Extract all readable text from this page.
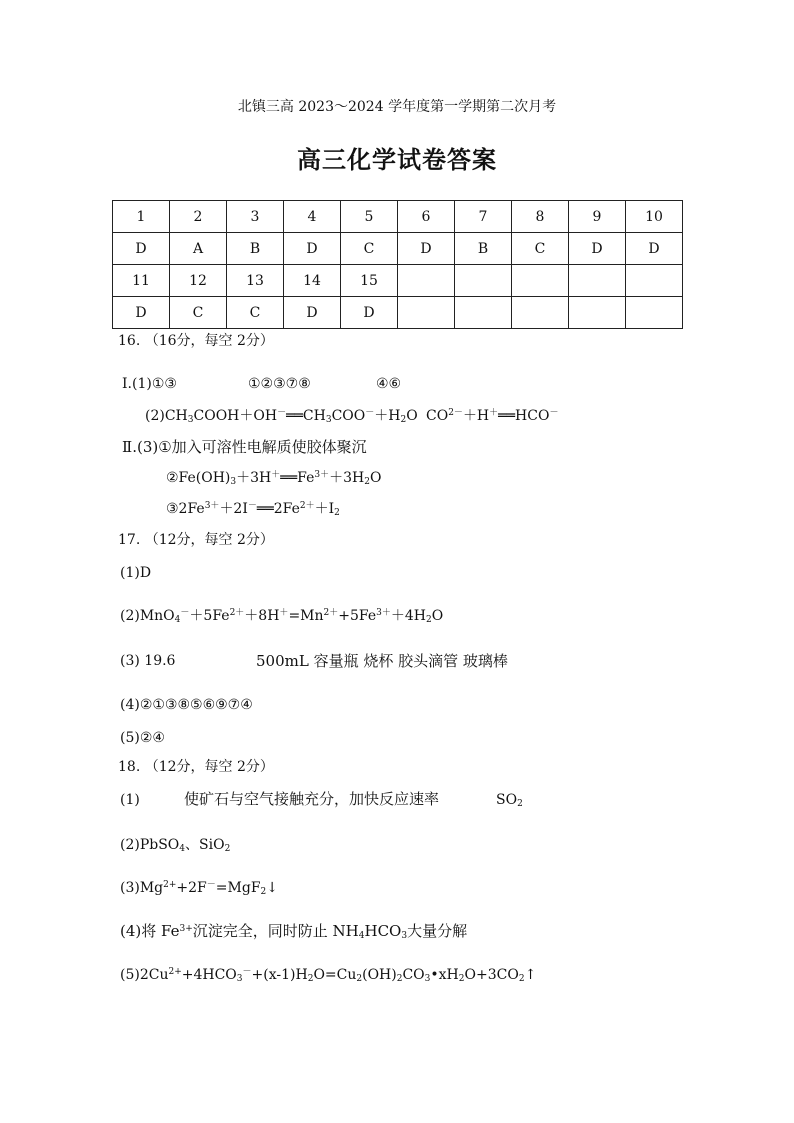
北镇三高 2023～2024 学年度第一学期第二次月考
高三化学试卷答案
1	2	3	4	5	6	7	8	9	10
D	A	B	D	C	D	B	C	D	D
11	12	13	14	15					
D	C	C	D	D					
16. （16分，每空 2分）
Ⅰ.(1)①③	①②③⑦⑧	④⑥
$(2)CH_3COOH+OH^-══CH_3COO^-+H_2O$ $CO^{2-}+H^+══HCO^-$
Ⅱ.(3)①加入可溶性电解质使胶体聚沉
$②Fe(OH)_3+3H^+══Fe^{3+}+3H_2O$
$③2Fe^{3+}+2I^-══2Fe^{2+}+I_2$
17. （12分，每空 2分）
(1)D
$(2)MnO_4^-+5Fe^{2+}+8H^+=Mn^{2+}+5Fe^{3+}+4H_2O$
(3) 19.6	500mL 容量瓶 烧杯 胶头滴管 玻璃棒
(4)②①③⑧⑤⑥⑨⑦④
(5)②④
18. （12分，每空 2分）
(1)	使矿石与空气接触充分，加快反应速率	$SO_2$
(2)PbSO$_4$、SiO$_2$
$(3)Mg^{2+}+2F^-=MgF_2↓$
(4)将 $Fe^{3+}$沉淀完全，同时防止 $NH_4HCO_3$大量分解
$(5)2Cu^{2+}+4HCO_3^-+(x-1)H_2O=Cu_2(OH)_2CO_3•xH_2O+3CO_2↑$
